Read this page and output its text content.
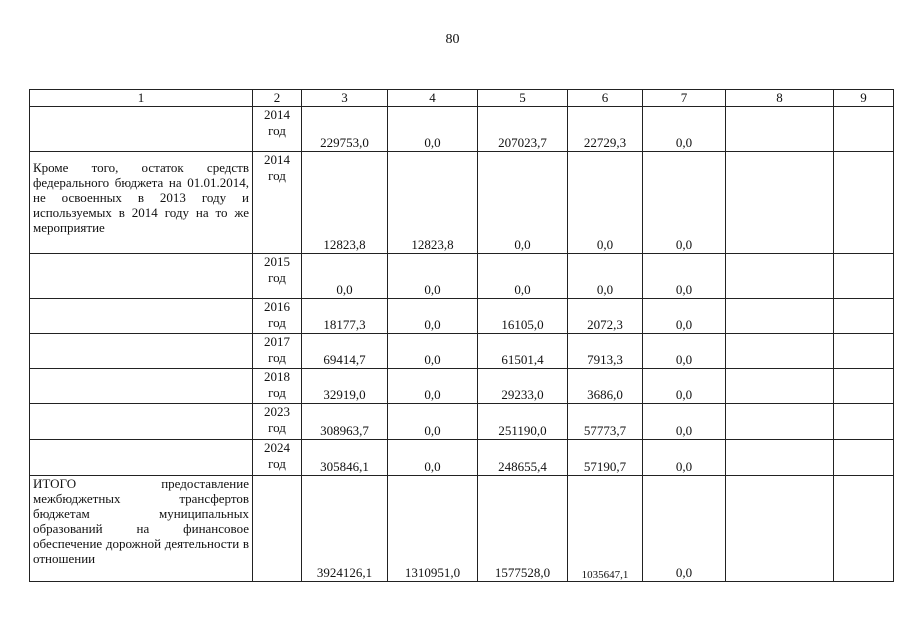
80
1	2	3	4	5	6	7	8	9
	2014 год	229753,0	0,0	207023,7	22729,3	0,0		
Кроме того, остаток средств федерального бюджета на 01.01.2014, не освоенных в 2013 году и используемых в 2014 году на то же мероприятие	2014 год	12823,8	12823,8	0,0	0,0	0,0		
	2015 год	0,0	0,0	0,0	0,0	0,0		
	2016 год	18177,3	0,0	16105,0	2072,3	0,0		
	2017 год	69414,7	0,0	61501,4	7913,3	0,0		
	2018 год	32919,0	0,0	29233,0	3686,0	0,0		
	2023 год	308963,7	0,0	251190,0	57773,7	0,0		
	2024 год	305846,1	0,0	248655,4	57190,7	0,0		
ИТОГО предоставление межбюджетных трансфертов бюджетам муниципальных образований на финансовое обеспечение дорожной деятельности в отношении		3924126,1	1310951,0	1577528,0	1035647,1	0,0		
